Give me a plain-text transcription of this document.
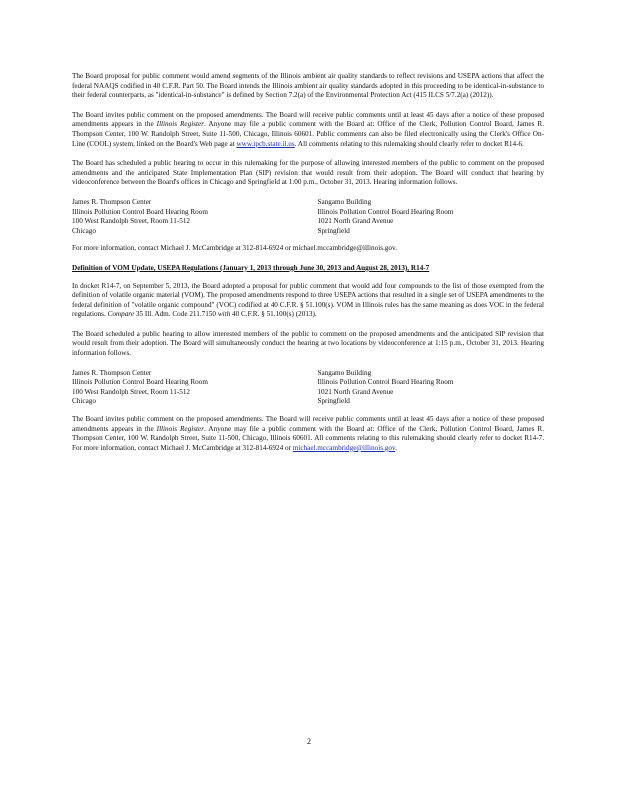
The Board proposal for public comment would amend segments of the Illinois ambient air quality standards to reflect revisions and USEPA actions that affect the federal NAAQS codified in 40 C.F.R. Part 50. The Board intends the Illinois ambient air quality standards adopted in this proceeding to be identical-in-substance to their federal counterparts, as "identical-in-substance" is defined by Section 7.2(a) of the Environmental Protection Act (415 ILCS 5/7.2(a) (2012)).

The Board invites public comment on the proposed amendments. The Board will receive public comments until at least 45 days after a notice of these proposed amendments appears in the Illinois Register. Anyone may file a public comment with the Board at: Office of the Clerk, Pollution Control Board, James R. Thompson Center, 100 W. Randolph Street, Suite 11-500, Chicago, Illinois 60601. Public comments can also be filed electronically using the Clerk's Office On-Line (COOL) system, linked on the Board's Web page at www.ipcb.state.il.us. All comments relating to this rulemaking should clearly refer to docket R14-6.

The Board has scheduled a public hearing to occur in this rulemaking for the purpose of allowing interested members of the public to comment on the proposed amendments and the anticipated State Implementation Plan (SIP) revision that would result from their adoption. The Board will conduct that hearing by videoconference between the Board's offices in Chicago and Springfield at 1:00 p.m., October 31, 2013. Hearing information follows.

James R. Thompson Center
Illinois Pollution Control Board Hearing Room
100 West Randolph Street, Room 11-512
Chicago
Sangamo Building
Illinois Pollution Control Board Hearing Room
1021 North Grand Avenue
Springfield

For more information, contact Michael J. McCambridge at 312-814-6924 or michael.mccambridge@illinois.gov.

Definition of VOM Update, USEPA Regulations (January 1, 2013 through June 30, 2013 and August 28, 2013), R14-7

In docket R14-7, on September 5, 2013, the Board adopted a proposal for public comment that would add four compounds to the list of those exempted from the definition of volatile organic material (VOM). The proposed amendments respond to three USEPA actions that resulted in a single set of USEPA amendments to the federal definition of "volatile organic compound" (VOC) codified at 40 C.F.R. § 51.100(s). VOM in Illinois rules has the same meaning as does VOC in the federal regulations. Compare 35 Ill. Adm. Code 211.7150 with 40 C.F.R. § 51.100(s) (2013).

The Board scheduled a public hearing to allow interested members of the public to comment on the proposed amendments and the anticipated SIP revision that would result from their adoption. The Board will simultaneously conduct the hearing at two locations by videoconference at 1:15 p.m., October 31, 2013. Hearing information follows.

James R. Thompson Center
Illinois Pollution Control Board Hearing Room
100 West Randolph Street, Room 11-512
Chicago
Sangamo Building
Illinois Pollution Control Board Hearing Room
1021 North Grand Avenue
Springfield

The Board invites public comment on the proposed amendments. The Board will receive public comments until at least 45 days after a notice of these proposed amendments appears in the Illinois Register. Anyone may file a public comment with the Board at: Office of the Clerk, Pollution Control Board, James R. Thompson Center, 100 W. Randolph Street, Suite 11-500, Chicago, Illinois 60601. All comments relating to this rulemaking should clearly refer to docket R14-7. For more information, contact Michael J. McCambridge at 312-814-6924 or michael.mccambridge@illinois.gov.

2
